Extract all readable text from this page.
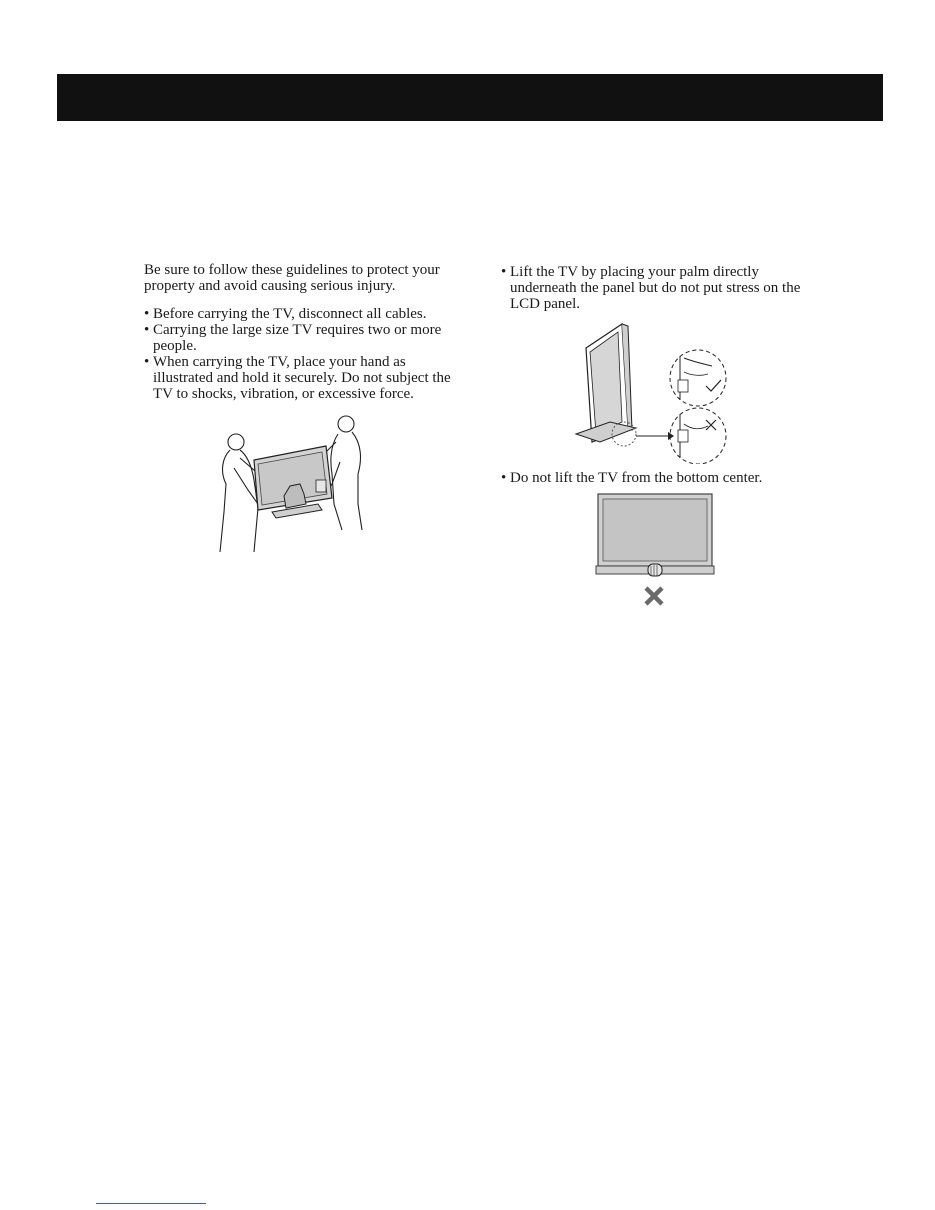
Be sure to follow these guidelines to protect your property and avoid causing serious injury.

• Before carrying the TV, disconnect all cables.
• Carrying the large size TV requires two or more people.
• When carrying the TV, place your hand as illustrated and hold it securely. Do not subject the TV to shocks, vibration, or excessive force.
• Lift the TV by placing your palm directly underneath the panel but do not put stress on the LCD panel.
• Do not lift the TV from the bottom center.
